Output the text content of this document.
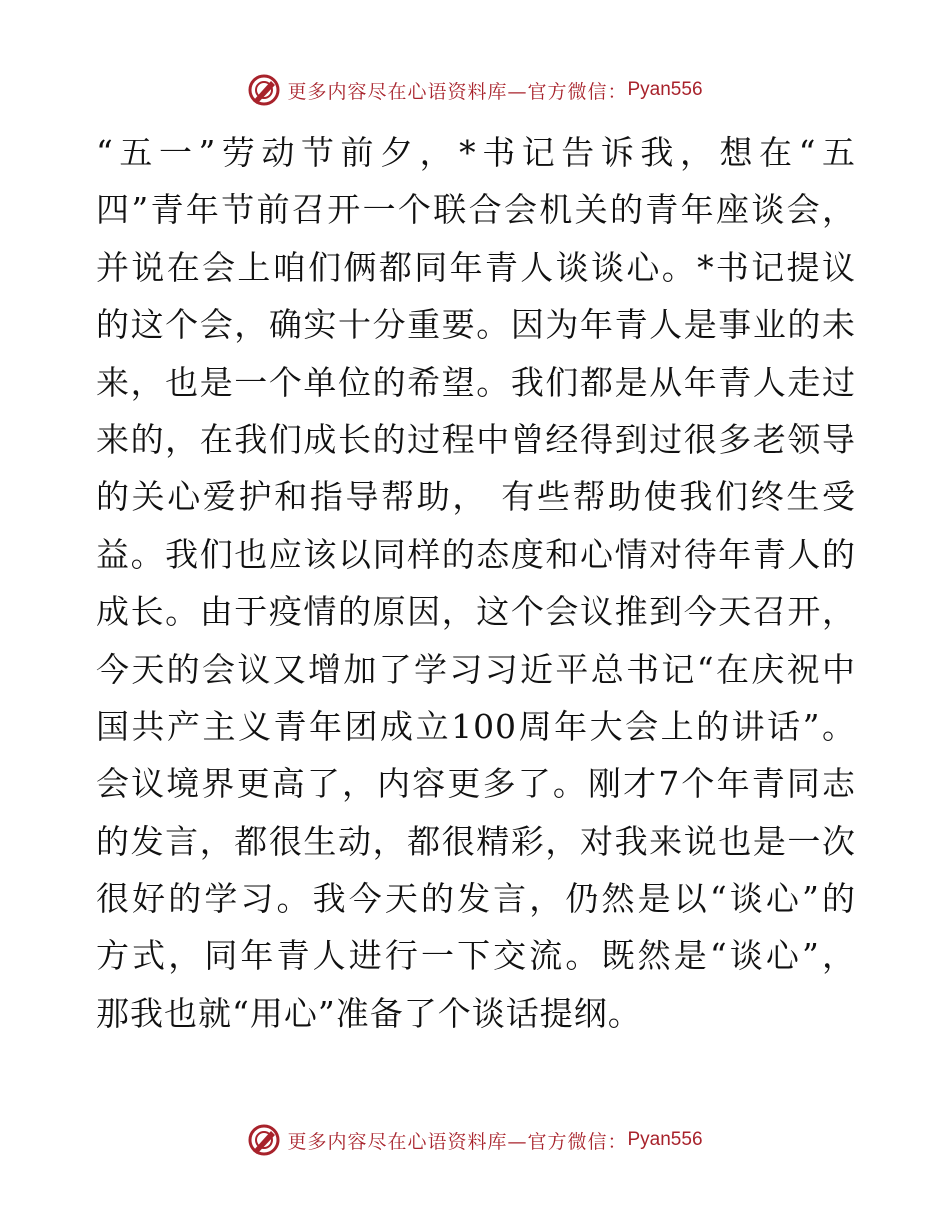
更多内容尽在心语资料库—官方微信： Pyan556
“五一”劳动节前夕，*书记告诉我，想在“五
四”青年节前召开一个联合会机关的青年座谈会，
并说在会上咱们俩都同年青人谈谈心。*书记提议
的这个会，确实十分重要。因为年青人是事业的未
来，也是一个单位的希望。我们都是从年青人走过
来的，在我们成长的过程中曾经得到过很多老领导
的关心爱护和指导帮助， 有些帮助使我们终生受
益。我们也应该以同样的态度和心情对待年青人的
成长。由于疫情的原因，这个会议推到今天召开，
今天的会议又增加了学习习近平总书记“在庆祝中
国共产主义青年团成立100周年大会上的讲话”。
会议境界更高了，内容更多了。刚才7个年青同志
的发言，都很生动，都很精彩，对我来说也是一次
很好的学习。我今天的发言，仍然是以“谈心”的
方式，同年青人进行一下交流。既然是“谈心”，
那我也就“用心”准备了个谈话提纲。
更多内容尽在心语资料库—官方微信： Pyan556
